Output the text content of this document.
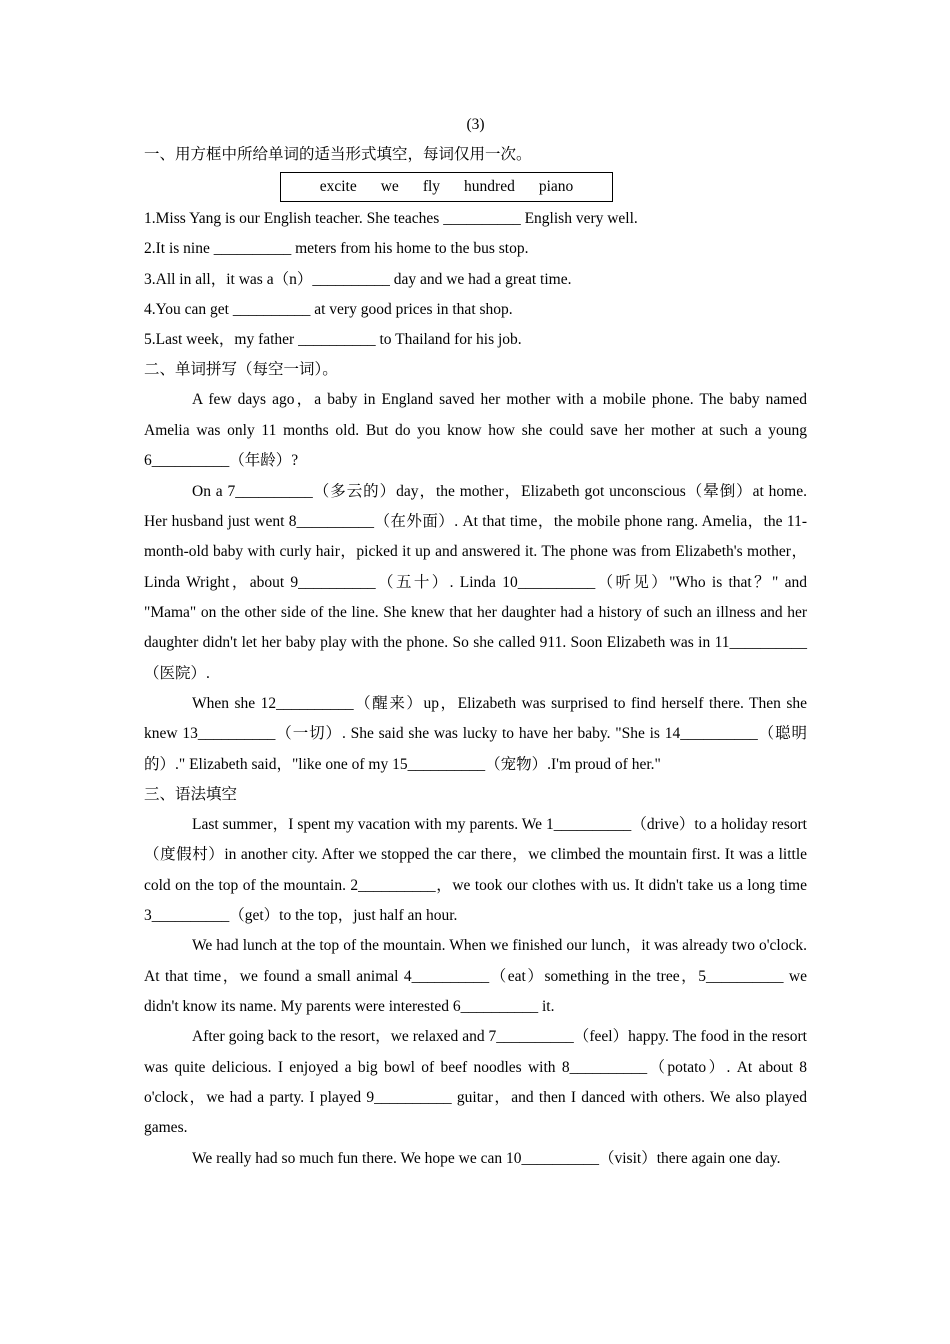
(3)

一、用方框中所给单词的适当形式填空，每词仅用一次。

excite we fly hundred piano

1.Miss Yang is our English teacher. She teaches __________ English very well.

2.It is nine __________ meters from his home to the bus stop.

3.All in all，it was a（n）__________ day and we had a great time.

4.You can get __________ at very good prices in that shop.

5.Last week，my father __________ to Thailand for his job.

二、单词拼写（每空一词）。

A few days ago，a baby in England saved her mother with a mobile phone. The baby named Amelia was only 11 months old. But do you know how she could save her mother at such a young 6__________（年龄）?

On a 7__________（多云的）day，the mother，Elizabeth got unconscious（晕倒）at home. Her husband just went 8__________（在外面）. At that time，the mobile phone rang. Amelia，the 11-month-old baby with curly hair，picked it up and answered it. The phone was from Elizabeth's mother，Linda Wright，about 9__________（五十）. Linda 10__________（听见）"Who is that？" and "Mama" on the other side of the line. She knew that her daughter had a history of such an illness and her daughter didn't let her baby play with the phone. So she called 911. Soon Elizabeth was in 11__________（医院）.

When she 12__________（醒来）up，Elizabeth was surprised to find herself there. Then she knew 13__________（一切）. She said she was lucky to have her baby. "She is 14__________（聪明的）." Elizabeth said，"like one of my 15__________（宠物）.I'm proud of her."

三、语法填空

Last summer，I spent my vacation with my parents. We 1__________（drive）to a holiday resort（度假村）in another city. After we stopped the car there，we climbed the mountain first. It was a little cold on the top of the mountain. 2__________，we took our clothes with us. It didn't take us a long time 3__________（get）to the top，just half an hour.

We had lunch at the top of the mountain. When we finished our lunch，it was already two o'clock. At that time，we found a small animal 4__________（eat）something in the tree，5__________ we didn't know its name. My parents were interested 6__________ it.

After going back to the resort，we relaxed and 7__________（feel）happy. The food in the resort was quite delicious. I enjoyed a big bowl of beef noodles with 8__________（potato）. At about 8 o'clock，we had a party. I played 9__________ guitar，and then I danced with others. We also played games.

We really had so much fun there. We hope we can 10__________（visit）there again one day.
